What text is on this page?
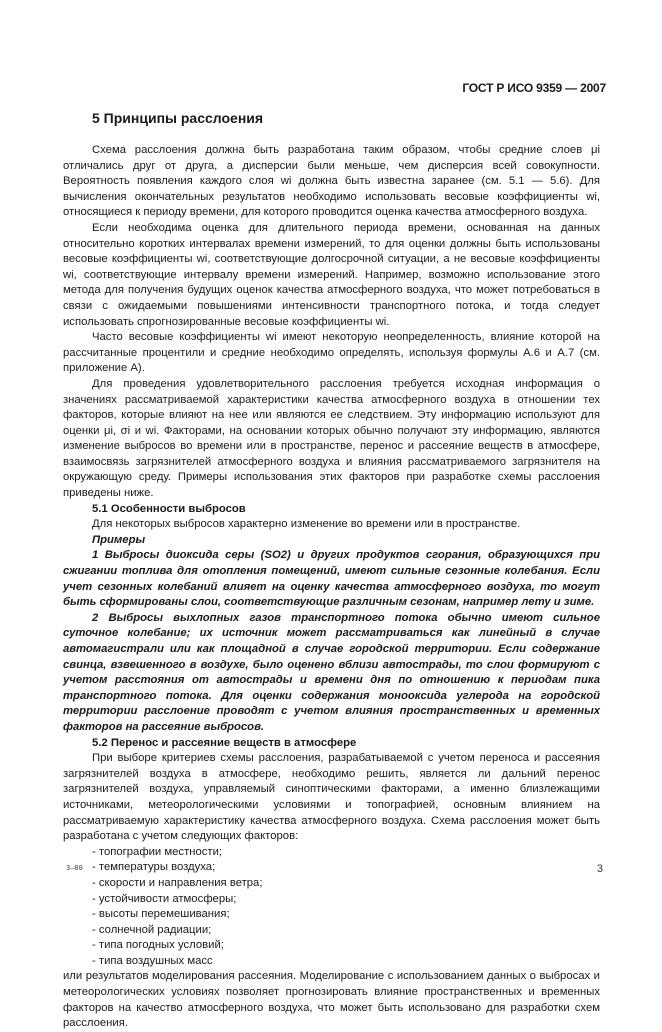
ГОСТ Р ИСО 9359 — 2007
5 Принципы расслоения

Схема расслоения должна быть разработана таким образом, чтобы средние слоев μi отличались друг от друга, а дисперсии были меньше, чем дисперсия всей совокупности. Вероятность появления каждого слоя wi должна быть известна заранее (см. 5.1 — 5.6). Для вычисления окончательных результатов необходимо использовать весовые коэффициенты wi, относящиеся к периоду времени, для которого проводится оценка качества атмосферного воздуха.

Если необходима оценка для длительного периода времени, основанная на данных относительно коротких интервалах времени измерений, то для оценки должны быть использованы весовые коэффициенты wi, соответствующие долгосрочной ситуации, а не весовые коэффициенты wi, соответствующие интервалу времени измерений. Например, возможно использование этого метода для получения будущих оценок качества атмосферного воздуха, что может потребоваться в связи с ожидаемыми повышениями интенсивности транспортного потока, и тогда следует использовать спрогнозированные весовые коэффициенты wi.

Часто весовые коэффициенты wi имеют некоторую неопределенность, влияние которой на рассчитанные процентили и средние необходимо определять, используя формулы А.6 и А.7 (см. приложение А).

Для проведения удовлетворительного расслоения требуется исходная информация о значениях рассматриваемой характеристики качества атмосферного воздуха в отношении тех факторов, которые влияют на нее или являются ее следствием. Эту информацию используют для оценки μi, σi и wi. Факторами, на основании которых обычно получают эту информацию, являются изменение выбросов во времени или в пространстве, перенос и рассеяние веществ в атмосфере, взаимосвязь загрязнителей атмосферного воздуха и влияния рассматриваемого загрязнителя на окружающую среду. Примеры использования этих факторов при разработке схемы расслоения приведены ниже.

5.1 Особенности выбросов

Для некоторых выбросов характерно изменение во времени или в пространстве.

Примеры

1 Выбросы диоксида серы (SO2) и других продуктов сгорания, образующихся при сжигании топлива для отопления помещений, имеют сильные сезонные колебания. Если учет сезонных колебаний влияет на оценку качества атмосферного воздуха, то могут быть сформированы слои, соответствующие различным сезонам, например лету и зиме.

2 Выбросы выхлопных газов транспортного потока обычно имеют сильное суточное колебание; их источник может рассматриваться как линейный в случае автомагистрали или как площадной в случае городской территории. Если содержание свинца, взвешенного в воздухе, было оценено вблизи автострады, то слои формируют с учетом расстояния от автострады и времени дня по отношению к периодам пика транспортного потока. Для оценки содержания монооксида углерода на городской территории расслоение проводят с учетом влияния пространственных и временных факторов на рассеяние выбросов.

5.2 Перенос и рассеяние веществ в атмосфере

При выборе критериев схемы расслоения, разрабатываемой с учетом переноса и рассеяния загрязнителей воздуха в атмосфере, необходимо решить, является ли дальний перенос загрязнителей воздуха, управляемый синоптическими факторами, а именно близлежащими источниками, метеорологическими условиями и топографией, основным влиянием на рассматриваемую характеристику качества атмосферного воздуха. Схема расслоения может быть разработана с учетом следующих факторов:

- топографии местности;
- температуры воздуха;
- скорости и направления ветра;
- устойчивости атмосферы;
- высоты перемешивания;
- солнечной радиации;
- типа погодных условий;
- типа воздушных масс

или результатов моделирования рассеяния. Моделирование с использованием данных о выбросах и метеорологических условиях позволяет прогнозировать влияние пространственных и временных факторов на качество атмосферного воздуха, что может быть использовано для разработки схем расслоения.

3—80	3
